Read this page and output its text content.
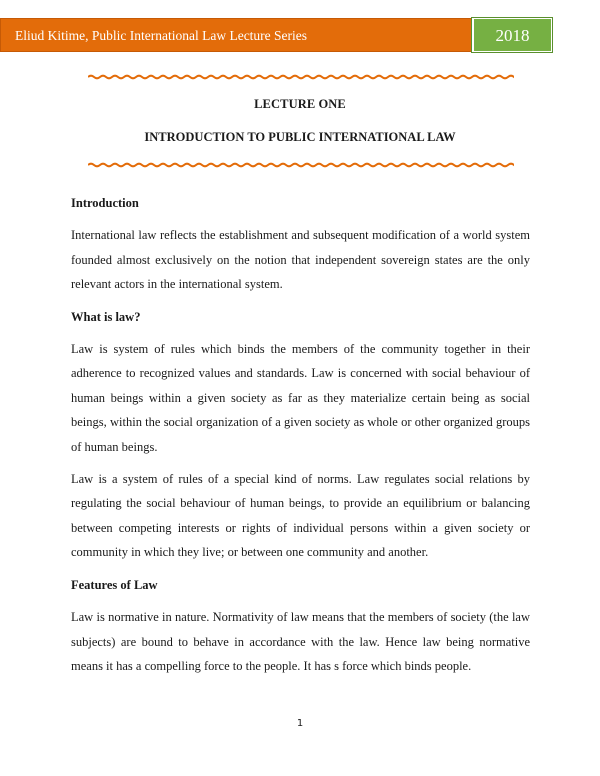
Eliud Kitime, Public International Law Lecture Series	2018
LECTURE ONE
INTRODUCTION TO PUBLIC INTERNATIONAL LAW
Introduction

International law reflects the establishment and subsequent modification of a world system founded almost exclusively on the notion that independent sovereign states are the only relevant actors in the international system.

What is law?

Law is system of rules which binds the members of the community together in their adherence to recognized values and standards. Law is concerned with social behaviour of human beings within a given society as far as they materialize certain being as social beings, within the social organization of a given society as whole or other organized groups of human beings.

Law is a system of rules of a special kind of norms. Law regulates social relations by regulating the social behaviour of human beings, to provide an equilibrium or balancing between competing interests or rights of individual persons within a given society or community in which they live; or between one community and another.

Features of Law

Law is normative in nature. Normativity of law means that the members of society (the law subjects) are bound to behave in accordance with the law. Hence law being normative means it has a compelling force to the people. It has s force which binds people.

1
